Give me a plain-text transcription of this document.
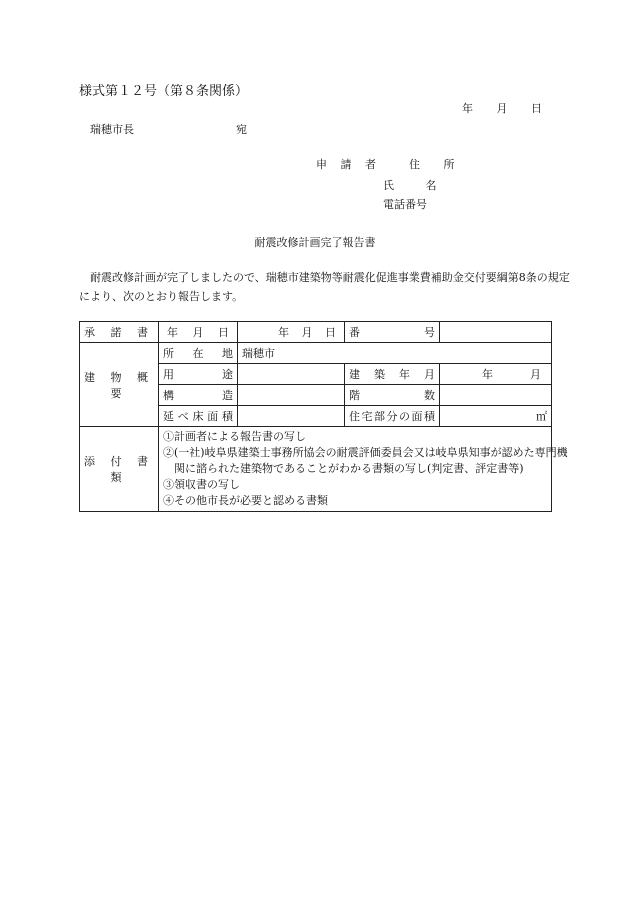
様式第１２号（第８条関係）
年 月 日
瑞穂市長	宛
申 請 者	住 所
氏 名
電話番号
耐震改修計画完了報告書
耐震改修計画が完了しましたので、瑞穂市建築物等耐震化促進事業費補助金交付要綱第8条の規定
により、次のとおり報告します。
承 諾 書	年 月 日	年 月 日	番 号	
建 物 概 要	所 在 地	瑞穂市		
	用 途		建 築 年 月	年 月

	構 造		階 数	
	延 べ 床 面 積		住宅部分の面積	㎡
添 付 書 類	①計画者による報告書の写し
②(一社)岐阜県建築士事務所協会の耐震評価委員会又は岐阜県知事が認めた専門機
関に諮られた建築物であることがわかる書類の写し(判定書、評定書等)
③領収書の写し
④その他市長が必要と認める書類			
